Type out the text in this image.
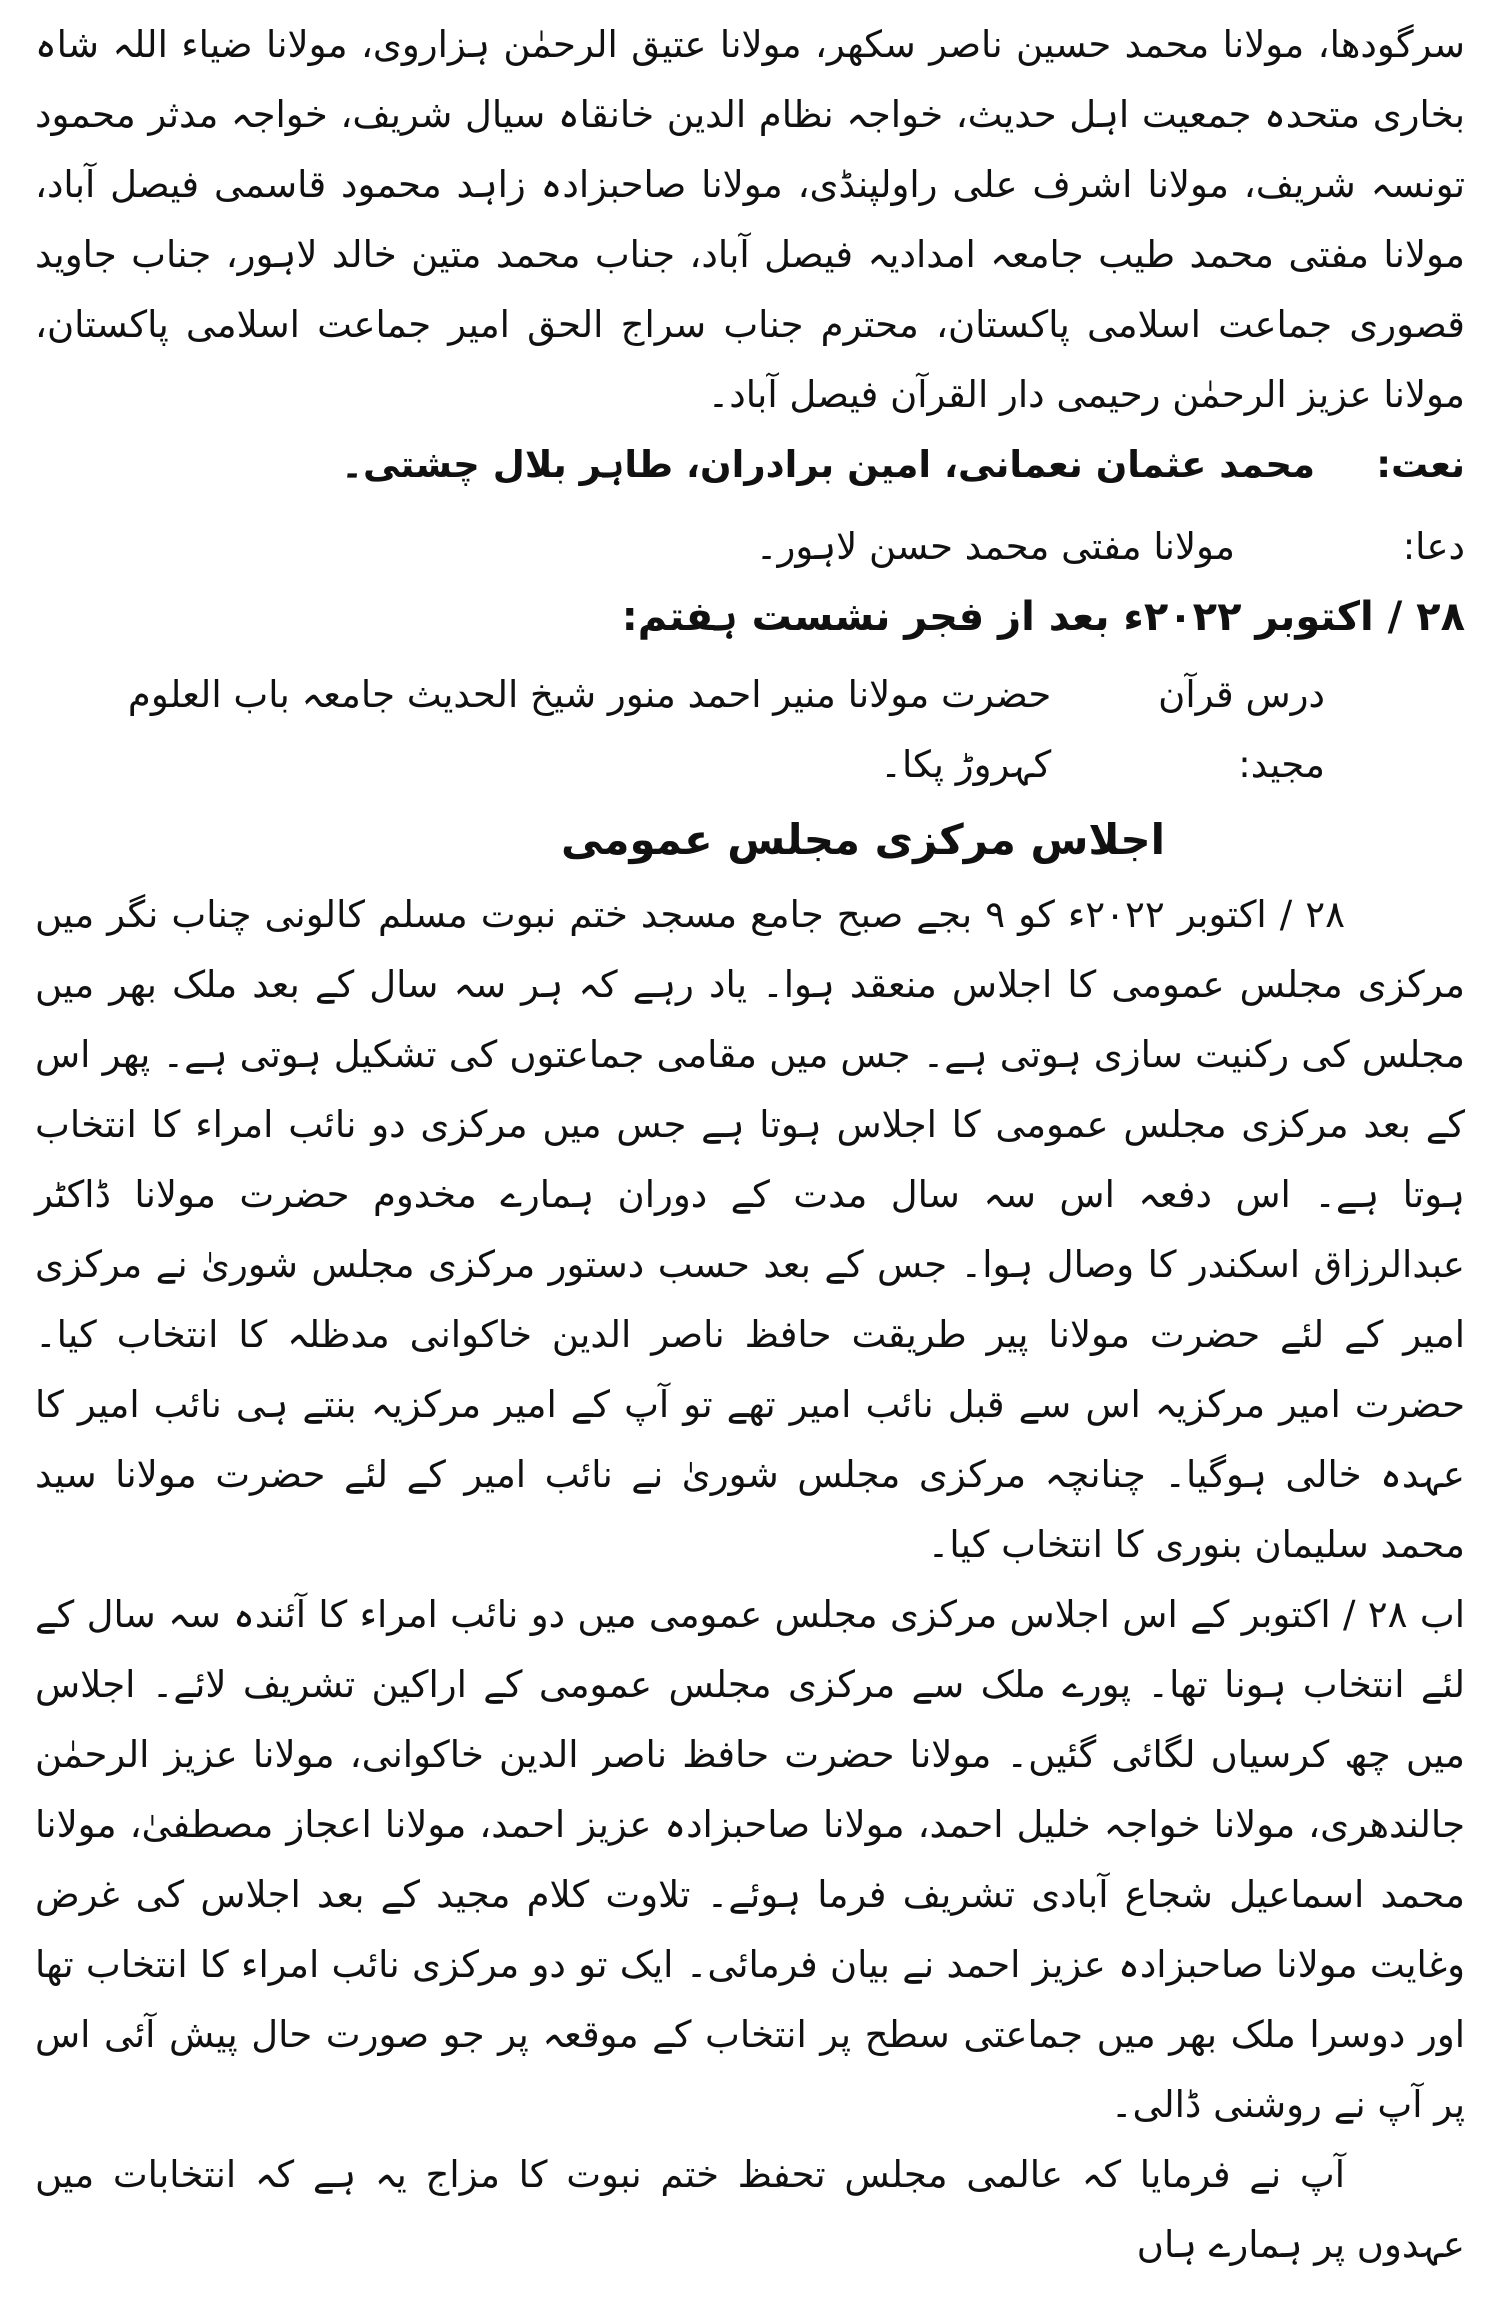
سرگودھا، مولانا محمد حسین ناصر سکھر، مولانا عتیق الرحمٰن ہزاروی، مولانا ضیاء اللہ شاہ بخاری متحدہ جمعیت اہل حدیث، خواجہ نظام الدین خانقاہ سیال شریف، خواجہ مدثر محمود تونسہ شریف، مولانا اشرف علی راولپنڈی، مولانا صاحبزادہ زاہد محمود قاسمی فیصل آباد، مولانا مفتی محمد طیب جامعہ امدادیہ فیصل آباد، جناب محمد متین خالد لاہور، جناب جاوید قصوری جماعت اسلامی پاکستان، محترم جناب سراج الحق امیر جماعت اسلامی پاکستان، مولانا عزیز الرحمٰن رحیمی دار القرآن فیصل آباد۔

نعت:
محمد عثمان نعمانی، امین برادران، طاہر بلال چشتی۔
دعا:
مولانا مفتی محمد حسن لاہور۔

۲۸ / اکتوبر ۲۰۲۲ء بعد از فجر نشست ہفتم:

درس قرآن مجید:
حضرت مولانا منیر احمد منور شیخ الحدیث جامعہ باب العلوم کہروڑ پکا۔
اجلاس مرکزی مجلس عمومی

۲۸ / اکتوبر ۲۰۲۲ء کو ۹ بجے صبح جامع مسجد ختم نبوت مسلم کالونی چناب نگر میں مرکزی مجلس عمومی کا اجلاس منعقد ہوا۔ یاد رہے کہ ہر سہ سال کے بعد ملک بھر میں مجلس کی رکنیت سازی ہوتی ہے۔ جس میں مقامی جماعتوں کی تشکیل ہوتی ہے۔ پھر اس کے بعد مرکزی مجلس عمومی کا اجلاس ہوتا ہے جس میں مرکزی دو نائب امراء کا انتخاب ہوتا ہے۔ اس دفعہ اس سہ سال مدت کے دوران ہمارے مخدوم حضرت مولانا ڈاکٹر عبدالرزاق اسکندر کا وصال ہوا۔ جس کے بعد حسب دستور مرکزی مجلس شوریٰ نے مرکزی امیر کے لئے حضرت مولانا پیر طریقت حافظ ناصر الدین خاکوانی مدظلہ کا انتخاب کیا۔ حضرت امیر مرکزیہ اس سے قبل نائب امیر تھے تو آپ کے امیر مرکزیہ بنتے ہی نائب امیر کا عہدہ خالی ہوگیا۔ چنانچہ مرکزی مجلس شوریٰ نے نائب امیر کے لئے حضرت مولانا سید محمد سلیمان بنوری کا انتخاب کیا۔

اب ۲۸ / اکتوبر کے اس اجلاس مرکزی مجلس عمومی میں دو نائب امراء کا آئندہ سہ سال کے لئے انتخاب ہونا تھا۔ پورے ملک سے مرکزی مجلس عمومی کے اراکین تشریف لائے۔ اجلاس میں چھ کرسیاں لگائی گئیں۔ مولانا حضرت حافظ ناصر الدین خاکوانی، مولانا عزیز الرحمٰن جالندھری، مولانا خواجہ خلیل احمد، مولانا صاحبزادہ عزیز احمد، مولانا اعجاز مصطفیٰ، مولانا محمد اسماعیل شجاع آبادی تشریف فرما ہوئے۔ تلاوت کلام مجید کے بعد اجلاس کی غرض وغایت مولانا صاحبزادہ عزیز احمد نے بیان فرمائی۔ ایک تو دو مرکزی نائب امراء کا انتخاب تھا اور دوسرا ملک بھر میں جماعتی سطح پر انتخاب کے موقعہ پر جو صورت حال پیش آئی اس پر آپ نے روشنی ڈالی۔

آپ نے فرمایا کہ عالمی مجلس تحفظ ختم نبوت کا مزاج یہ ہے کہ انتخابات میں عہدوں پر ہمارے ہاں
